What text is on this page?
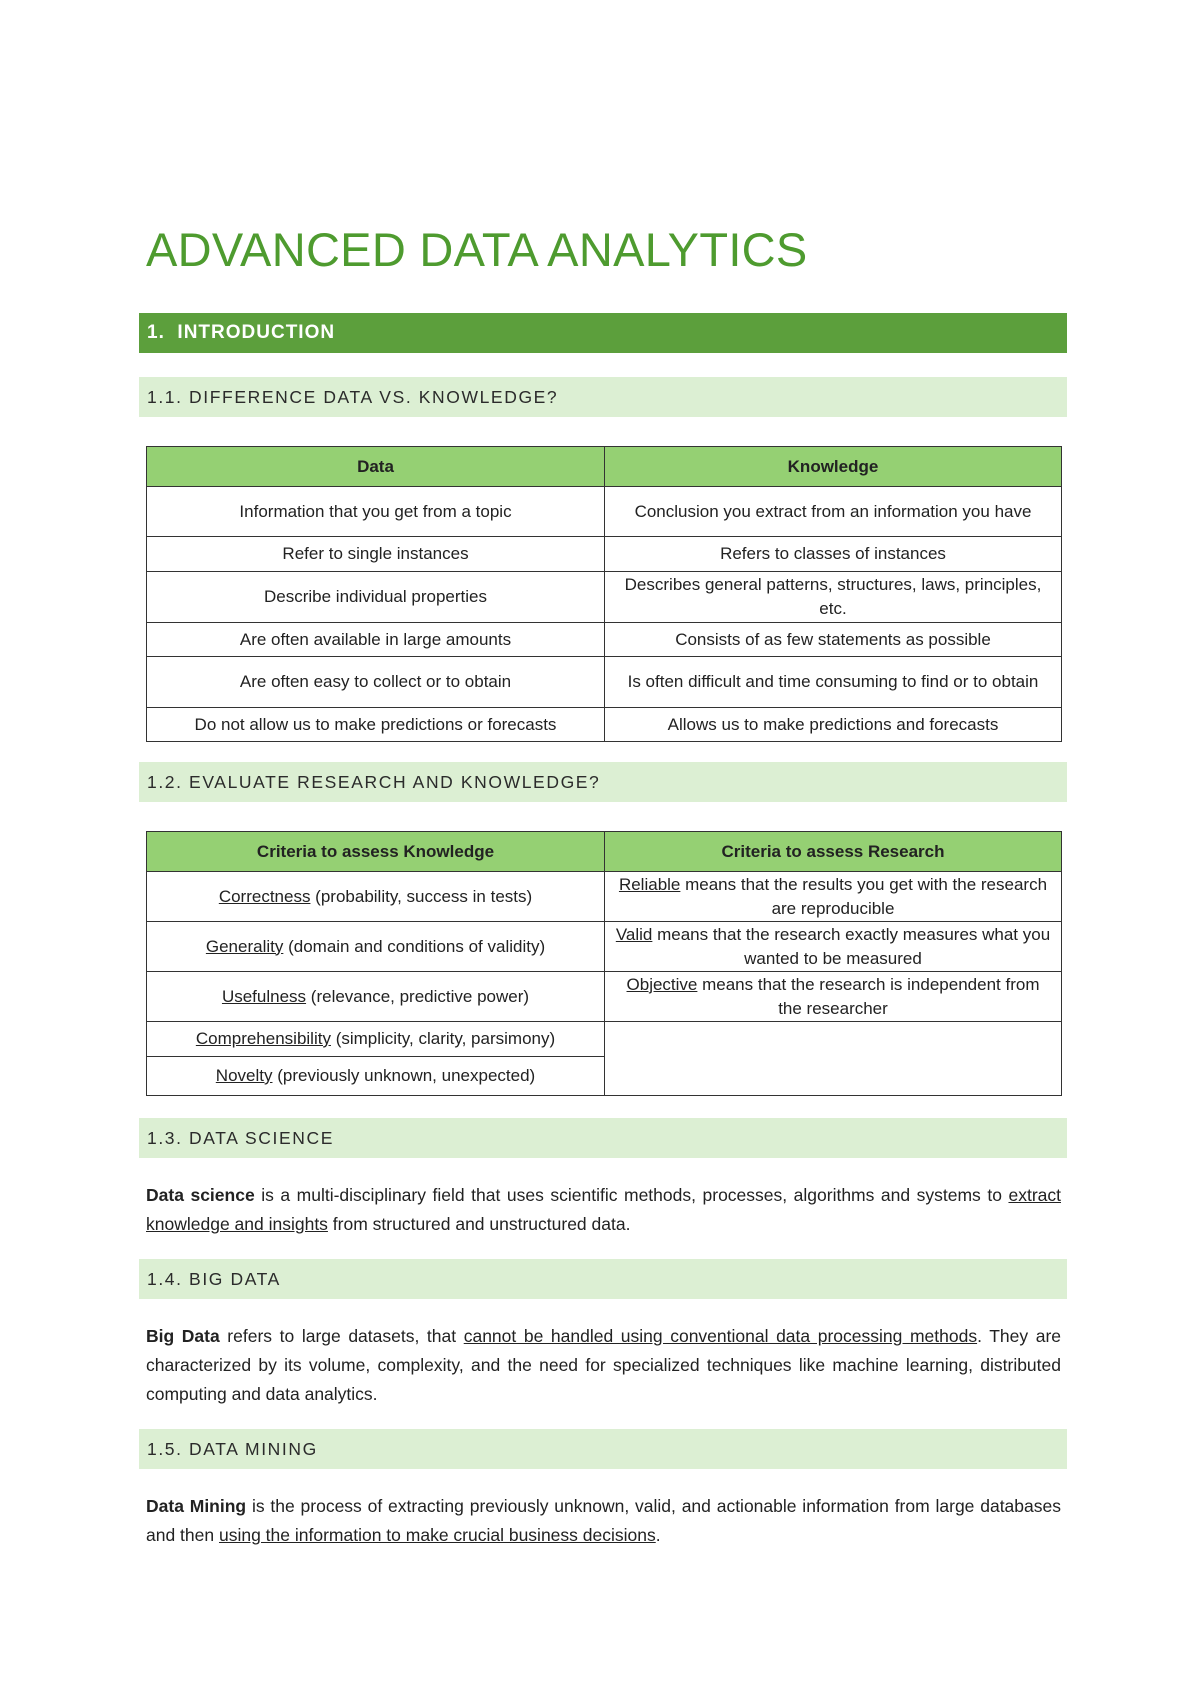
ADVANCED DATA ANALYTICS
1. INTRODUCTION
1.1. DIFFERENCE DATA VS. KNOWLEDGE?
Data	Knowledge
Information that you get from a topic	Conclusion you extract from an information you have
Refer to single instances	Refers to classes of instances
Describe individual properties	Describes general patterns, structures, laws, principles, etc.
Are often available in large amounts	Consists of as few statements as possible
Are often easy to collect or to obtain	Is often difficult and time consuming to find or to obtain
Do not allow us to make predictions or forecasts	Allows us to make predictions and forecasts
1.2. EVALUATE RESEARCH AND KNOWLEDGE?
Criteria to assess Knowledge	Criteria to assess Research
Correctness (probability, success in tests)	Reliable means that the results you get with the research are reproducible
Generality (domain and conditions of validity)	Valid means that the research exactly measures what you wanted to be measured
Usefulness (relevance, predictive power)	Objective means that the research is independent from the researcher
Comprehensibility (simplicity, clarity, parsimony)	
Novelty (previously unknown, unexpected)	
1.3. DATA SCIENCE

Data science is a multi-disciplinary field that uses scientific methods, processes, algorithms and systems to extract knowledge and insights from structured and unstructured data.

1.4. BIG DATA

Big Data refers to large datasets, that cannot be handled using conventional data processing methods. They are characterized by its volume, complexity, and the need for specialized techniques like machine learning, distributed computing and data analytics.

1.5. DATA MINING

Data Mining is the process of extracting previously unknown, valid, and actionable information from large databases and then using the information to make crucial business decisions.
